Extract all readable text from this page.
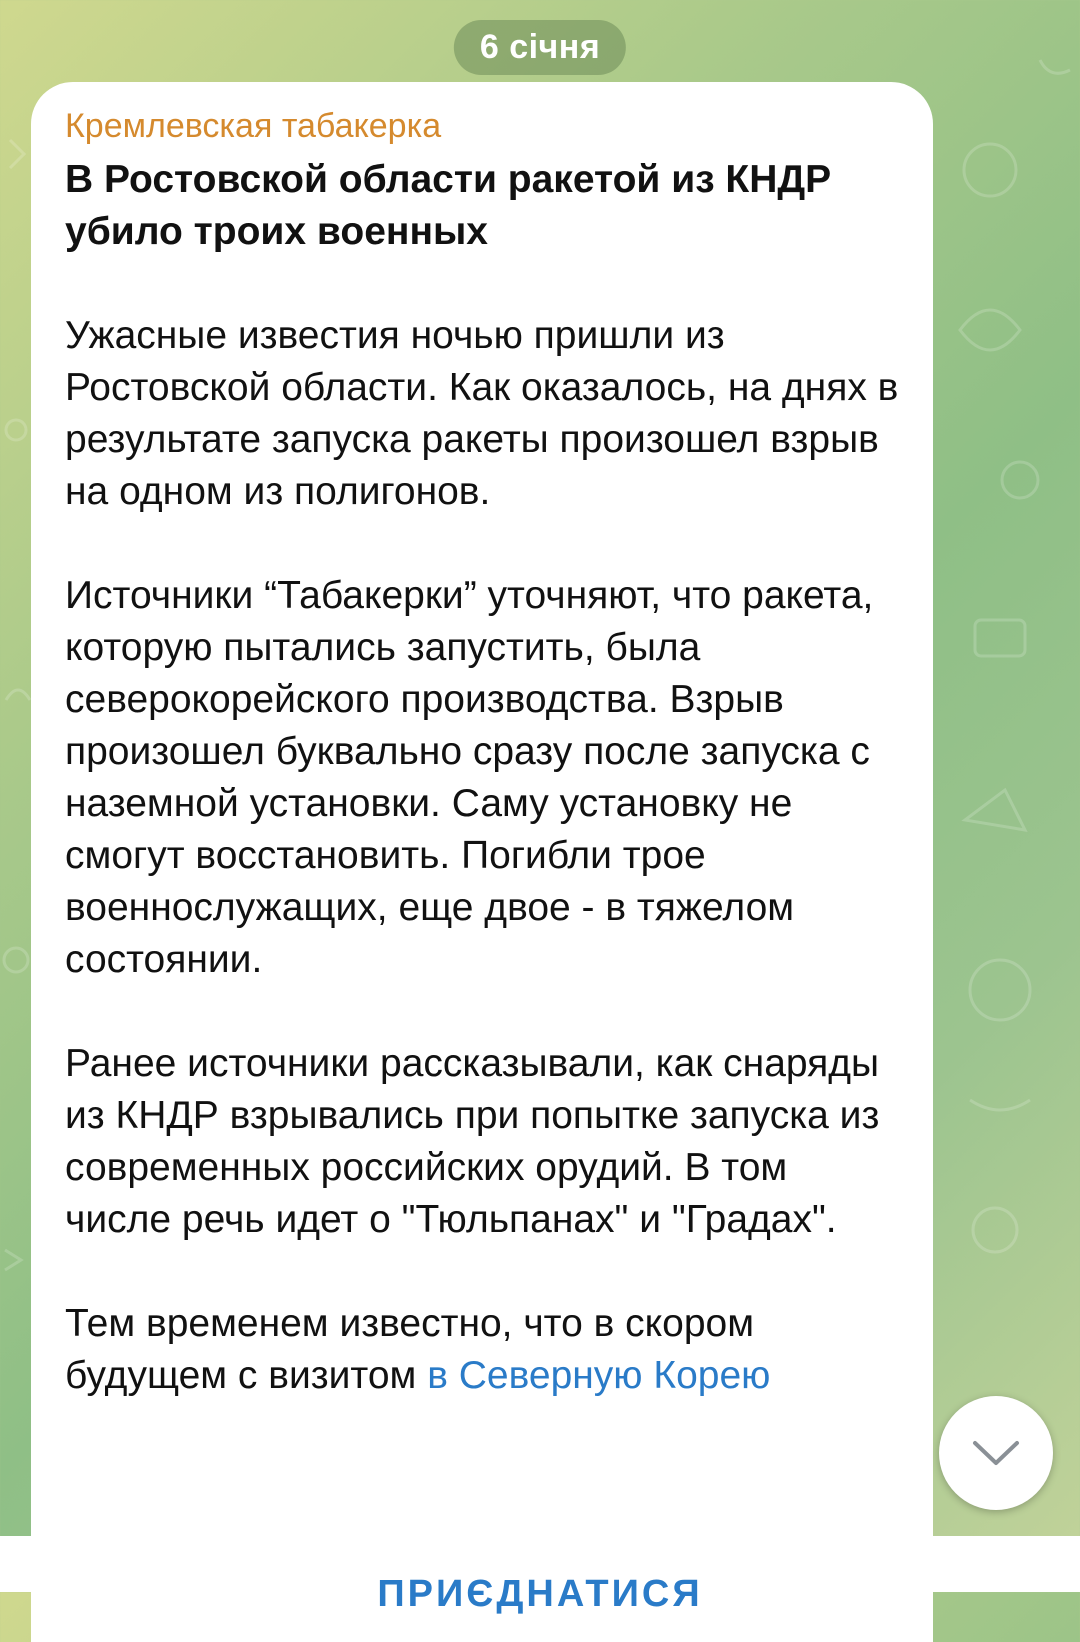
6 січня
Кремлевская табакерка
В Ростовской области ракетой из КНДР убило троих военных
Ужасные известия ночью пришли из Ростовской области. Как оказалось, на днях в результате запуска ракеты произошел взрыв на одном из полигонов.
Источники “Табакерки” уточняют, что ракета, которую пытались запустить, была северокорейского производства. Взрыв произошел буквально сразу после запуска с наземной установки. Саму установку не смогут восстановить. Погибли трое военнослужащих, еще двое - в тяжелом состоянии.
Ранее источники рассказывали, как снаряды из КНДР взрывались при попытке запуска из современных российских орудий. В том числе речь идет о "Тюльпанах" и "Градах".
Тем временем известно, что в скором будущем с визитом в Северную Корею
ПРИЄДНАТИСЯ
